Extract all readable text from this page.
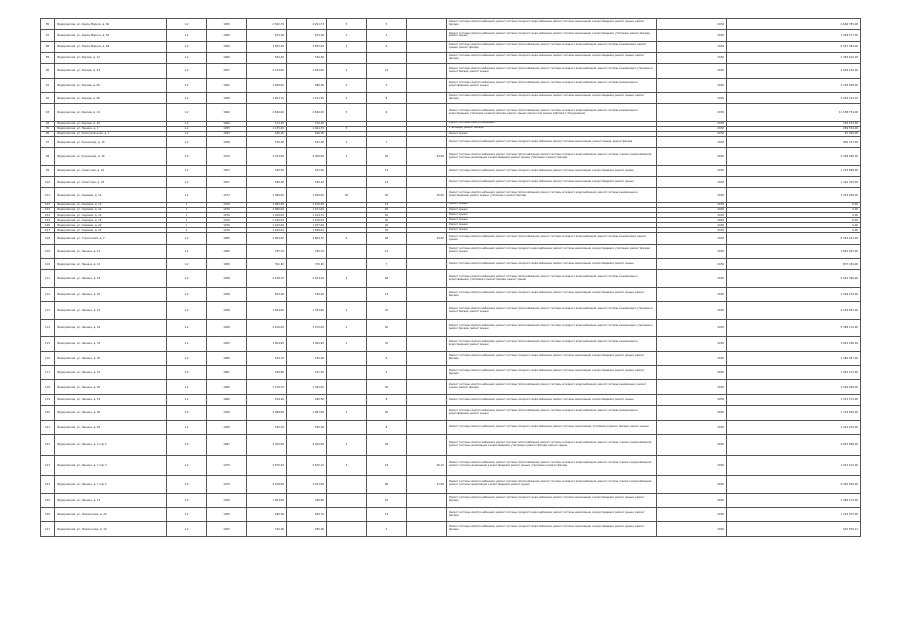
85	Федоровская, ул. Карла Маркса, д. 46	1,2	1959	2 302,70	2 201,73	3	5		Ремонт системы электроснабжения; ремонт системы холодного водоснабжения; ремонт системы канализации и водоотведения; ремонт крыши; ремонт фасада	2030	4 666 785,00
87	Федоровская, ул. Карла Маркса, д. 50	1,2	1956	675,00	675,00	1	3		Ремонт системы электроснабжения; ремонт системы холодного водоснабжения; ремонт системы канализации и водоотведения; утепление, ремонт фасада; ремонт крыши	2030	1 358 577,00
88	Федоровская, ул. Карла Маркса, д. 48	1,2	1956	3 952,30	3 845,00	3	6		Ремонт системы электроснабжения; ремонт системы теплоснабжения; ремонт системы холодного водоснабжения; ремонт системы канализации; ремонт крыши; ремонт фасада	2030	6 547 389,00
89	Федоровская, ул. Кирова, д. 12	1,2	1960	562,20	546,60				Ремонт системы электроснабжения; ремонт системы холодного водоснабжения; ремонт системы канализации и водоотведения; ремонт крыши; ремонт фасада	2030	1 359 410,00
90	Федоровская, ул. Кирова, д. 54	1,2	1957	2 154,00	1 932,00	2	21		Ремонт системы электроснабжения; ремонт системы теплоснабжения; ремонт системы холодного водоснабжения; ремонт системы канализации; утепление и ремонт фасада; ремонт крыши	2030	4 936 145,00
91	Федоровская, ул. Кирова, д. 60	1,2	1962	1 008,00	980,00	2	5		Ремонт системы электроснабжения; ремонт системы теплоснабжения; ремонт системы холодного водоснабжения; ремонт системы канализации и водоотведения; ремонт крыши	2030	2 156 958,00
92	Федоровская, ул. Кирова, д. 66	1,2	1958	1 604,70	1 521,50	2	8		Ремонт системы электроснабжения; ремонт системы холодного водоснабжения; ремонт системы канализации и водоотведения; ремонт крыши; ремонт фасада	2030	3 504 193,70
93	Федоровская, ул. Кирова, д. 14	1,2	1962	2 846,60	2 846,30	5	6		Ремонт системы электроснабжения; ремонт системы теплоснабжения; ремонт системы холодного водоснабжения; ремонт системы канализации и водоотведения; утепление и ремонт фасада; ремонт крыши; ремонт или замена лифтового оборудования	2030	11 188 754,00
94	Федоровская, ул. Кирова, д. 28	1,2	1964	113,50	102,00				Ремонт системы электроснабжения	2030	156 103,00
95	Федоровская, ул. Ленина, д. 1	1,2	1955	1 135,00	1 461,70	3			Утепление, ремонт фасада	2030	269 534,00
96	Федоровская, ул. Комсомольская, д. 1	1,2	1950	440,00	400,00				Ремонт крыши	2030	87 300,00
97	Федоровская, ул. Кузнецова, д. 14	1,2	1958	576,00	552,00	1	7		Ремонт системы электроснабжения; ремонт системы холодного водоснабжения; ремонт системы канализации; ремонт крыши; ремонт фасада	2030	969 103,00
98	Федоровская, ул. Кузнецова, д. 16	1,2	1970	2 453,00	2 306,00	3	65	44,00	Ремонт системы электроснабжения; ремонт системы теплоснабжения; ремонт системы холодного водоснабжения; ремонт системы горячего водоснабжения; ремонт системы канализации и водоотведения; ремонт крыши; утепление и ремонт фасада	2030	4 438 480,00
99	Федоровская, ул. Советская, д. 21	1,2	1957	540,50	521,90		11		Ремонт системы электроснабжения; ремонт системы холодного водоснабжения; ремонт системы канализации и водоотведения; ремонт крыши	2030	1 134 898,00
100	Федоровская, ул. Советская, д. 23	1,2	1957	580,00	556,10		12		Ремонт системы электроснабжения; ремонт системы холодного водоснабжения; ремонт системы канализации и водоотведения; ремонт крыши	2030	1 410 325,00
101	Федоровская, ул. Садовая, д. 10	1,2	1973	1 080,00	1 046,00	20	20	25,00	Ремонт системы электроснабжения; ремонт системы теплоснабжения; ремонт системы холодного водоснабжения; ремонт системы канализации и водоотведения; ремонт крыши; утепление и ремонт фасада	2030	2 303 056,00
102	Федоровская, ул. Садовая, д. 12	1	1976	1 090,00	1 010,00		23		Ремонт крыши	2030	0,00
103	Федоровская, ул. Садовая, д. 14	1	1976	1 480,00	1 101,00		20		Ремонт крыши	2030	0,00
104	Федоровская, ул. Садовая, д. 16	1	1976	1 440,00	1 014,70		20		Ремонт крыши	2030	0,00
105	Федоровская, ул. Садовая, д. 18	1	1976	1 440,00	1 100,00		20		Ремонт крыши	2030	0,00
106	Федоровская, ул. Садовая, д. 20	1	1976	1 440,00	1 037,00		20		Ремонт крыши	2030	0,00
107	Федоровская, ул. Садовая, д. 22	1	1976	1 440,00	1 098,00		20		Ремонт крыши	2030	0,00
108	Федоровская, ул. Строителей, д. 7	1,2	1985	2 904,00	2 809,70	6	48	44,00	Ремонт системы электроснабжения; ремонт системы теплоснабжения; ремонт системы холодного водоснабжения; ремонт системы канализации; ремонт крыши	2030	6 394 012,00
109	Федоровская, ул. Ленина, д. 12	1,2	1960	787,10	765,10		12		Ремонт системы электроснабжения; ремонт системы холодного водоснабжения; ремонт системы канализации и водоотведения; утепление, ремонт фасада; ремонт крыши	2030	1 681 053,00
110	Федоровская, ул. Ленина, д. 14	1,2	1958	391,60	370,00		7		Ремонт системы электроснабжения; ремонт системы холодного водоснабжения; ремонт системы канализации и водоотведения; ремонт крыши	2030	837 156,00
111	Федоровская, ул. Ленина, д. 18	1,2	1958	2 448,70	2 403,20	3	48		Ремонт системы электроснабжения; ремонт системы теплоснабжения; ремонт системы холодного водоснабжения; ремонт системы канализации и водоотведения; утепление и ремонт фасада; ремонт крыши	2030	4 544 396,00
112	Федоровская, ул. Ленина, д. 25	1,2	1958	803,00	784,40		12		Ремонт системы электроснабжения; ремонт системы холодного водоснабжения; ремонт системы канализации и водоотведения; ремонт крыши; ремонт фасада	2030	1 299 104,00
113	Федоровская, ул. Ленина, д. 27	1,2	1958	1 824,00	1 782,80	2	32		Ремонт системы электроснабжения; ремонт системы теплоснабжения; ремонт системы холодного водоснабжения; ремонт системы канализации; утепление и ремонт фасада; ремонт крыши	2030	4 159 801,00
114	Федоровская, ул. Ленина, д. 29	1,2	1958	4 100,00	1 972,00	2	40		Ремонт системы электроснабжения; ремонт системы теплоснабжения; ремонт системы холодного водоснабжения; ремонт системы канализации; утепление и ремонт фасада; ремонт крыши	2030	5 368 112,00
115	Федоровская, ул. Ленина, д. 33	1,2	1959	1 609,00	1 560,80	2	32		Ремонт системы электроснабжения; ремонт системы теплоснабжения; ремонт системы холодного водоснабжения; ремонт системы канализации и водоотведения; ремонт крыши	2030	3 643 266,00
116	Федоровская, ул. Ленина, д. 35	1,2	1960	264,70	230,00		6		Ремонт системы электроснабжения; ремонт системы холодного водоснабжения; ремонт системы канализации и водоотведения; ремонт крыши; ремонт фасада	2030	1 280 587,00
117	Федоровская, ул. Ленина, д. 41	1,2	1961	269,80	247,50		6		Ремонт системы электроснабжения; ремонт системы холодного водоснабжения; ремонт системы канализации и водоотведения; ремонт крыши; ремонт фасада	2030	1 050 313,00
118	Федоровская, ул. Ленина, д. 45	1,2	1960	1 478,70	1 391,00		30		Ремонт системы электроснабжения; ремонт системы теплоснабжения; ремонт системы холодного водоснабжения; ремонт системы канализации; ремонт крыши; ремонт фасада	2030	2 190 069,00
119	Федоровская, ул. Ленина, д. 53	1,2	1960	504,00	485,50		8		Ремонт системы электроснабжения; ремонт системы холодного водоснабжения; ремонт системы канализации и водоотведения; ремонт крыши	2030	1 523 374,00
120	Федоровская, ул. Ленина, д. 60	1,2	1958	2 088,00	1 967,00	2	40		Ремонт системы электроснабжения; ремонт системы теплоснабжения; ремонт системы холодного водоснабжения; ремонт системы канализации и водоотведения; ремонт крыши	2030	1 159 850,00
121	Федоровская, ул. Ленина, д. 65	1,2	1958	564,20	550,00		8		Ремонт системы электроснабжения; ремонт системы холодного водоснабжения; ремонт системы канализации; утепление и ремонт фасада; ремонт крыши	2030	1 401 410,00
122	Федоровская, ул. Ленина, д. 2 кор.2	1,2	1987	2 350,00	2 200,00	2	48		Ремонт системы электроснабжения; ремонт системы теплоснабжения; ремонт системы холодного водоснабжения; ремонт системы горячего водоснабжения; ремонт системы канализации и водоотведения; утепление и ремонт фасада; ремонт крыши	2030	4 687 896,00
123	Федоровская, ул. Ленина, д. 7 кор.3	1,2	1975	2 875,40	2 635,10	3	24	40,10	Ремонт системы электроснабжения; ремонт системы теплоснабжения; ремонт системы холодного водоснабжения; ремонт системы горячего водоснабжения; ремонт системы канализации и водоотведения; ремонт крыши; утепление и ремонт фасада	2030	1 501 412,00
124	Федоровская, ул. Ленина, д. 7 кор.2	1,2	1975	4 248,00	3 931,00		80	47,00	Ремонт системы электроснабжения; ремонт системы теплоснабжения; ремонт системы холодного водоснабжения; ремонт системы горячего водоснабжения; ремонт системы канализации и водоотведения; ремонт крыши	2030	6 450 584,00
125	Федоровская, ул. Ленина, д. 11	1,2	1958	1 004,00	946,80		16		Ремонт системы электроснабжения; ремонт системы холодного водоснабжения; ремонт системы канализации и водоотведения; ремонт крыши; ремонт фасада	2030	2 389 474,00
126	Федоровская, ул. Ломоносова, д. 24	1,2	1956	690,00	650,70		12		Ремонт системы электроснабжения; ремонт системы холодного водоснабжения; ремонт системы канализации и водоотведения; ремонт крыши; ремонт фасада	2030	1 163 075,00
127	Федоровская, ул. Ломоносова, д. 19	1,2	1955	310,00	285,00		4		Ремонт системы электроснабжения; ремонт системы холодного водоснабжения; ремонт системы канализации и водоотведения; ремонт крыши; ремонт фасада	2030	520 876,12
